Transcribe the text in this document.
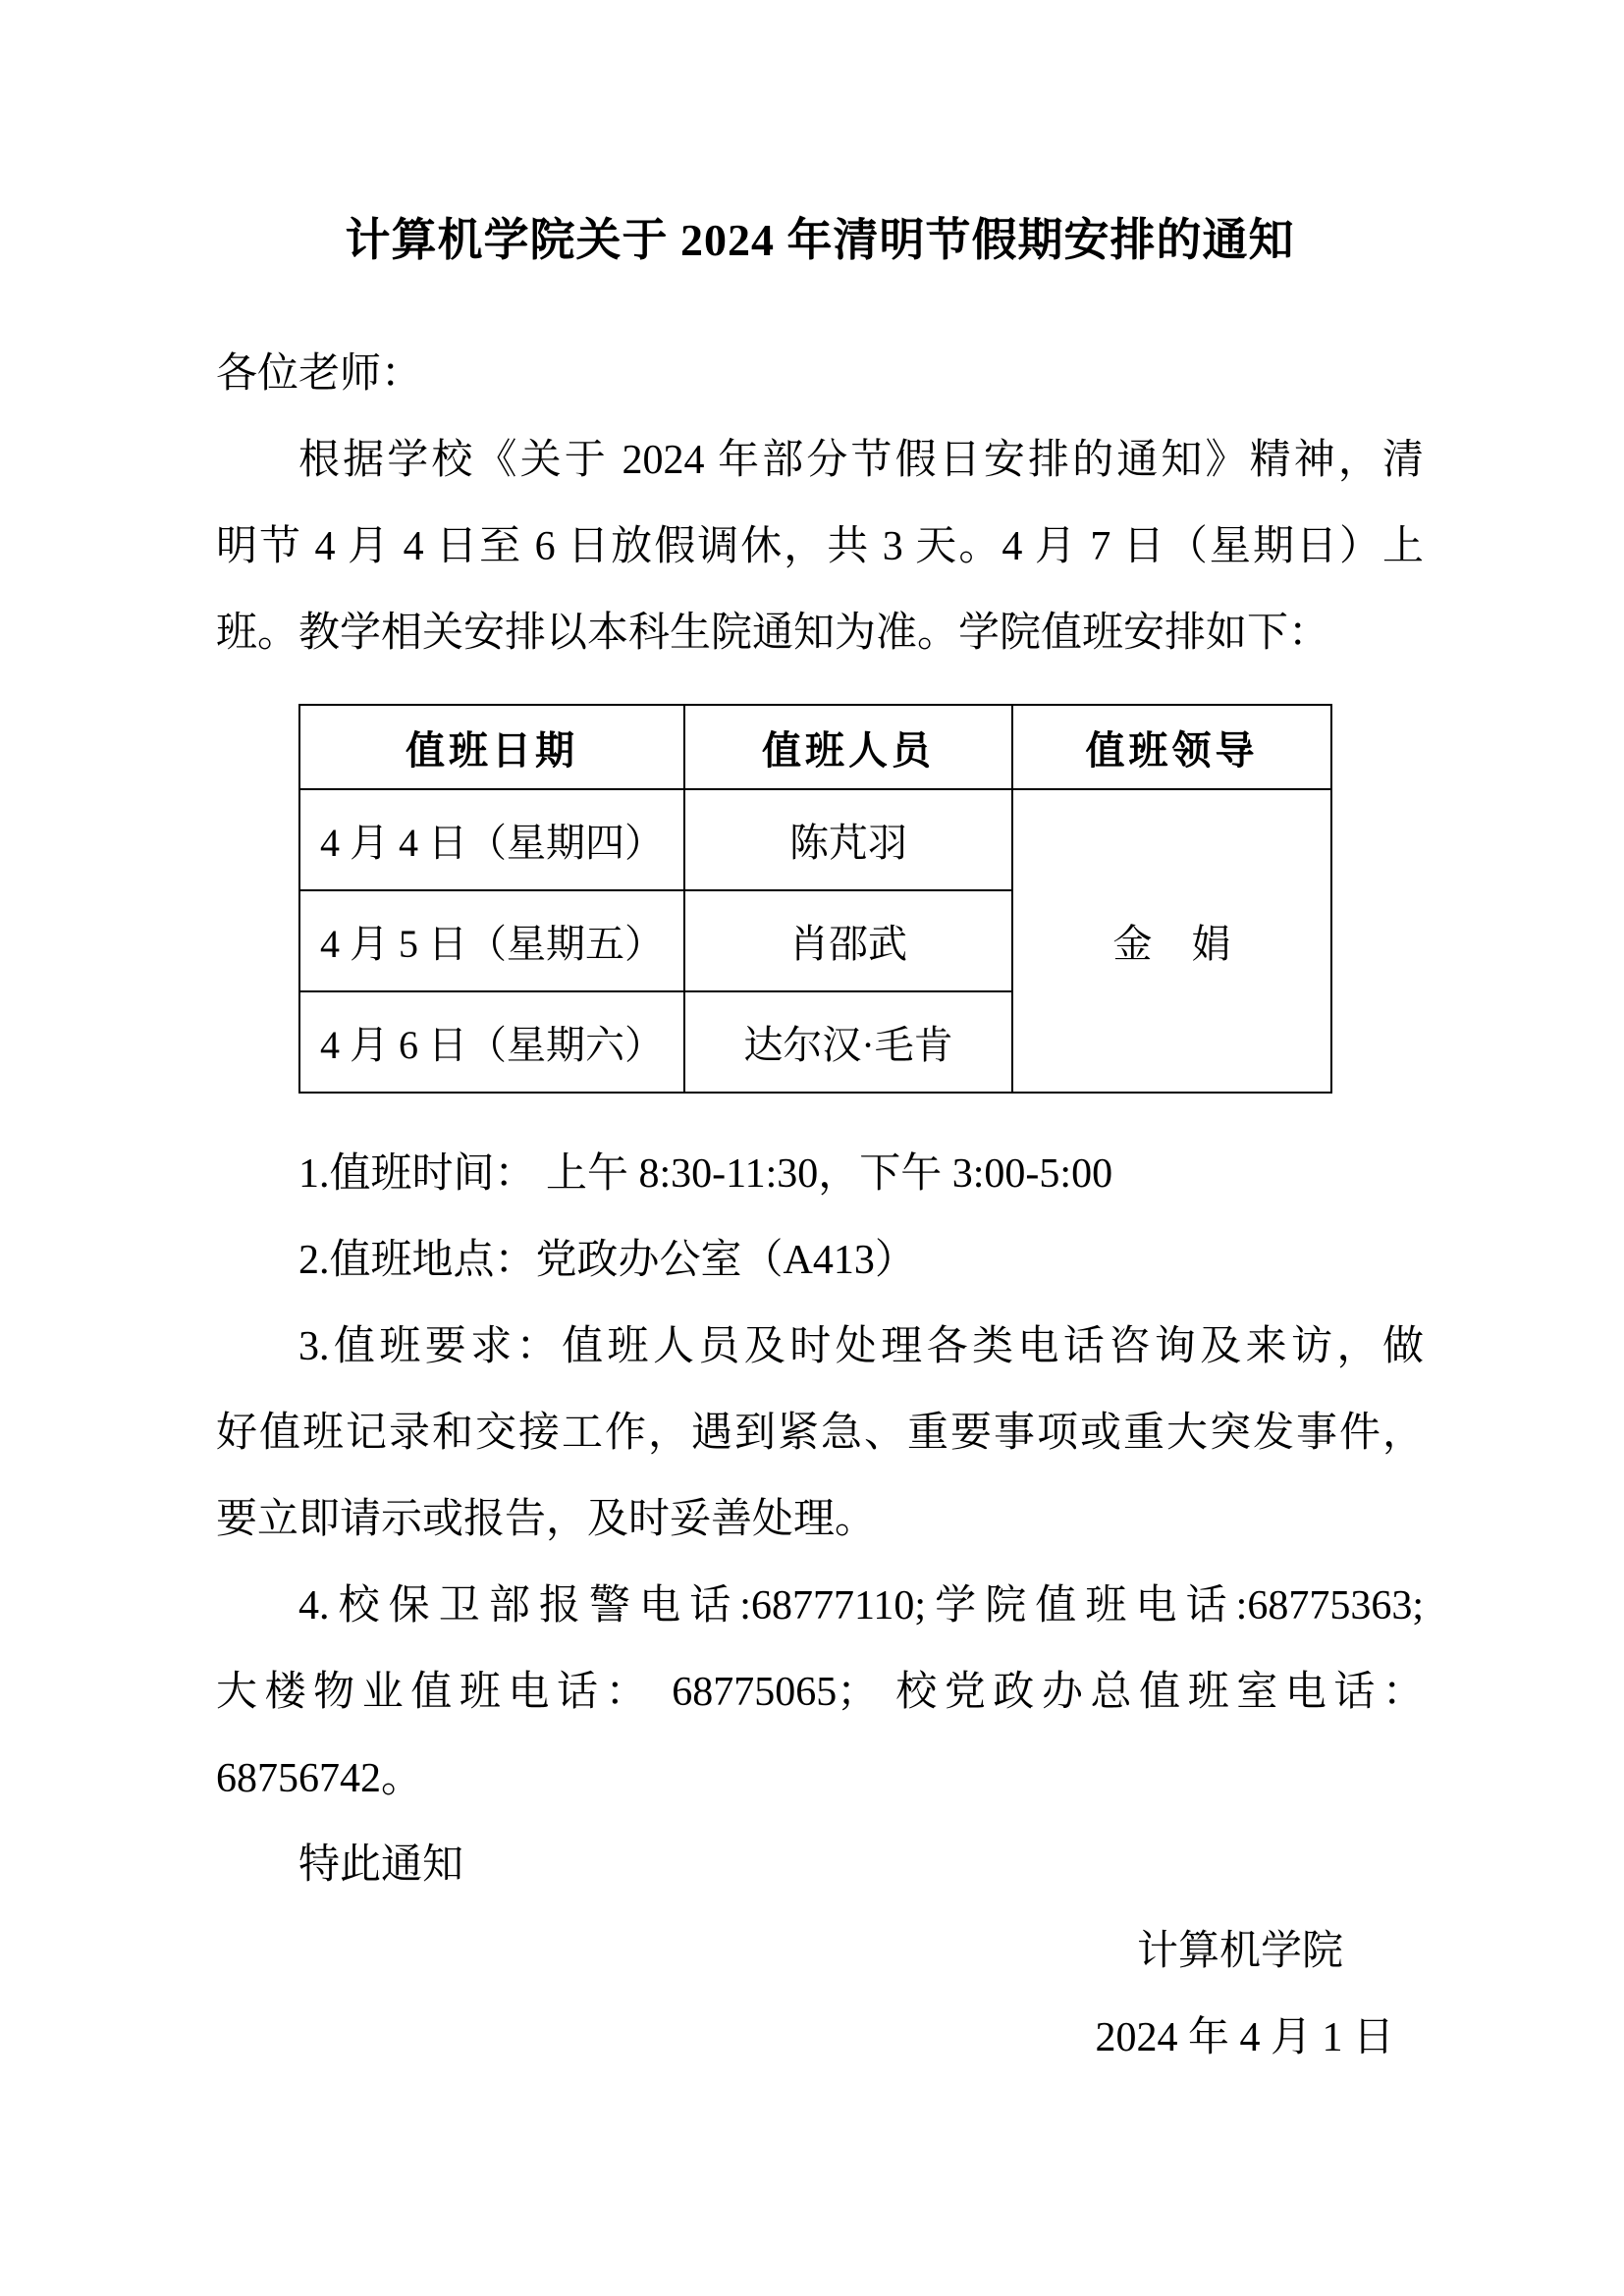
计算机学院关于 2024 年清明节假期安排的通知
各位老师：
根据学校《关于 2024 年部分节假日安排的通知》精神，清
明节 4 月 4 日至 6 日放假调休，共 3 天。4 月 7 日（星期日）上
班。教学相关安排以本科生院通知为准。学院值班安排如下：
值班日期	值班人员	值班领导
4 月 4 日（星期四）	陈芃羽	金　娟
4 月 5 日（星期五）	肖邵武	
4 月 6 日（星期六）	达尔汉·毛肯	
1.值班时间： 上午 8:30-11:30，下午 3:00-5:00
2.值班地点：党政办公室（A413）
3.值班要求：值班人员及时处理各类电话咨询及来访，做
好值班记录和交接工作，遇到紧急、重要事项或重大突发事件，
要立即请示或报告，及时妥善处理。
4.校保卫部报警电话:68777110;学院值班电话:68775363;
大楼物业值班电话： 68775065； 校党政办总值班室电话：
68756742。
特此通知
计算机学院
2024 年 4 月 1 日
